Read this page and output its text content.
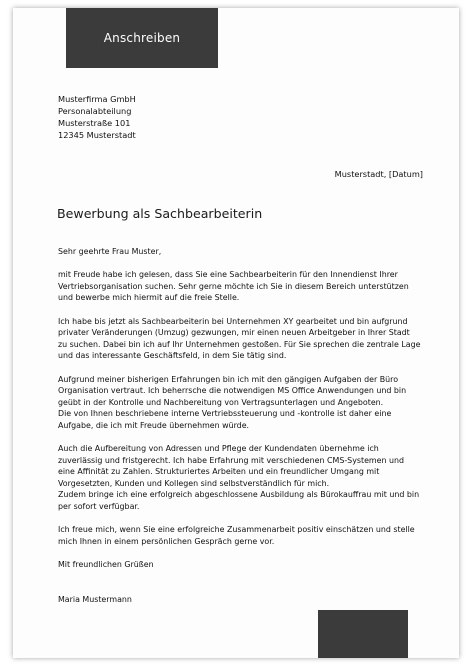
Anschreiben
Musterfirma GmbH
Personalabteilung
Musterstraße 101
12345 Musterstadt
Musterstadt, [Datum]
Bewerbung als Sachbearbeiterin
Sehr geehrte Frau Muster,
mit Freude habe ich gelesen, dass Sie eine Sachbearbeiterin für den Innendienst Ihrer
Vertriebsorganisation suchen. Sehr gerne möchte ich Sie in diesem Bereich unterstützen
und bewerbe mich hiermit auf die freie Stelle.
Ich habe bis jetzt als Sachbearbeiterin bei Unternehmen XY gearbeitet und bin aufgrund
privater Veränderungen (Umzug) gezwungen, mir einen neuen Arbeitgeber in Ihrer Stadt
zu suchen. Dabei bin ich auf Ihr Unternehmen gestoßen. Für Sie sprechen die zentrale Lage
und das interessante Geschäftsfeld, in dem Sie tätig sind.
Aufgrund meiner bisherigen Erfahrungen bin ich mit den gängigen Aufgaben der Büro
Organisation vertraut. Ich beherrsche die notwendigen MS Office Anwendungen und bin
geübt in der Kontrolle und Nachbereitung von Vertragsunterlagen und Angeboten.
Die von Ihnen beschriebene interne Vertriebssteuerung und -kontrolle ist daher eine
Aufgabe, die ich mit Freude übernehmen würde.
Auch die Aufbereitung von Adressen und Pflege der Kundendaten übernehme ich
zuverlässig und fristgerecht. Ich habe Erfahrung mit verschiedenen CMS-Systemen und
eine Affinität zu Zahlen. Strukturiertes Arbeiten und ein freundlicher Umgang mit
Vorgesetzten, Kunden und Kollegen sind selbstverständlich für mich.
Zudem bringe ich eine erfolgreich abgeschlossene Ausbildung als Bürokauffrau mit und bin
per sofort verfügbar.
Ich freue mich, wenn Sie eine erfolgreiche Zusammenarbeit positiv einschätzen und stelle
mich Ihnen in einem persönlichen Gespräch gerne vor.
Mit freundlichen Grüßen
Maria Mustermann
